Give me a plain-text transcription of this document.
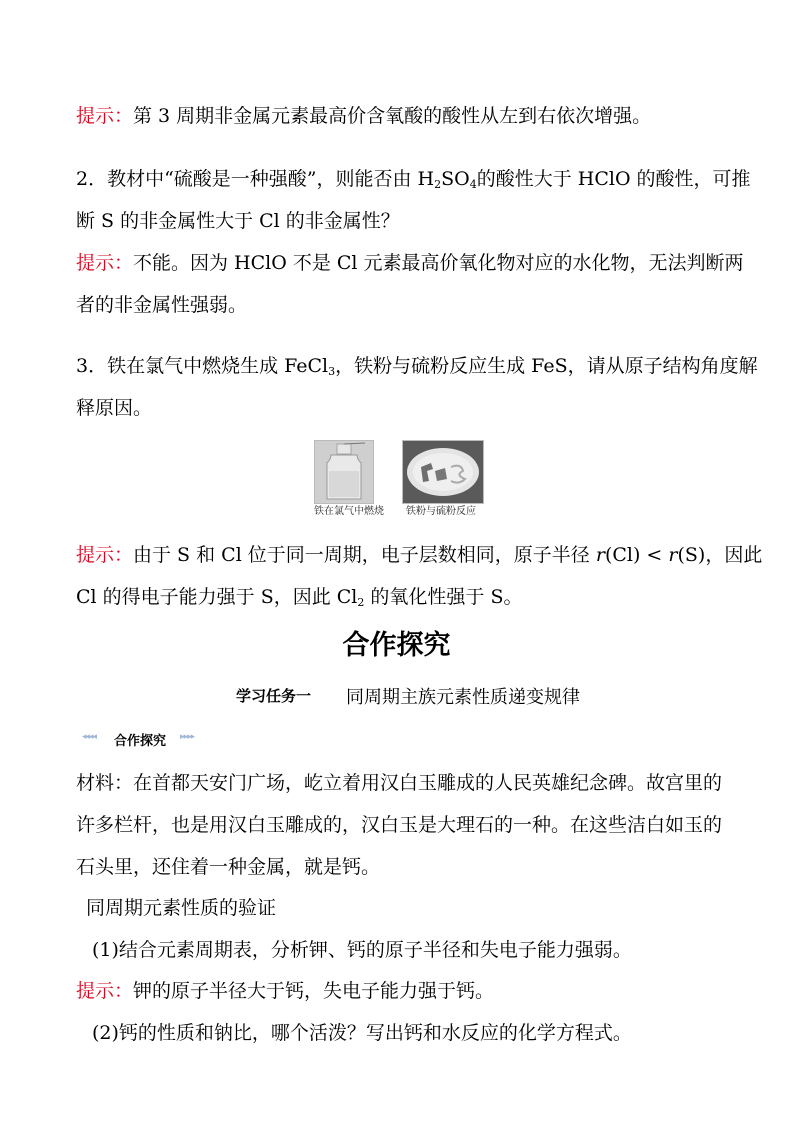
提示：第 3 周期非金属元素最高价含氧酸的酸性从左到右依次增强。
2．教材中“硫酸是一种强酸”，则能否由 $H_2SO_4$的酸性大于 HClO 的酸性，可推
断 S 的非金属性大于 Cl 的非金属性？
提示：不能。因为 HClO 不是 Cl 元素最高价氧化物对应的水化物，无法判断两
者的非金属性强弱。
3．铁在氯气中燃烧生成 FeCl$_3$，铁粉与硫粉反应生成 FeS，请从原子结构角度解
释原因。
铁在氯气中燃烧 铁粉与硫粉反应
提示：由于 S 和 Cl 位于同一周期，电子层数相同，原子半径 r(Cl) < r(S)，因此
Cl 的得电子能力强于 S，因此 $Cl_2$ 的氧化性强于 S。
合作探究
学习任务一 同周期主族元素性质递变规律
◂◂◂◂ 合作探究 ▸▸▸▸
材料：在首都天安门广场，屹立着用汉白玉雕成的人民英雄纪念碑。故宫里的
许多栏杆，也是用汉白玉雕成的，汉白玉是大理石的一种。在这些洁白如玉的
石头里，还住着一种金属，就是钙。
同周期元素性质的验证
(1)结合元素周期表，分析钾、钙的原子半径和失电子能力强弱。
提示：钾的原子半径大于钙，失电子能力强于钙。
(2)钙的性质和钠比，哪个活泼？写出钙和水反应的化学方程式。
